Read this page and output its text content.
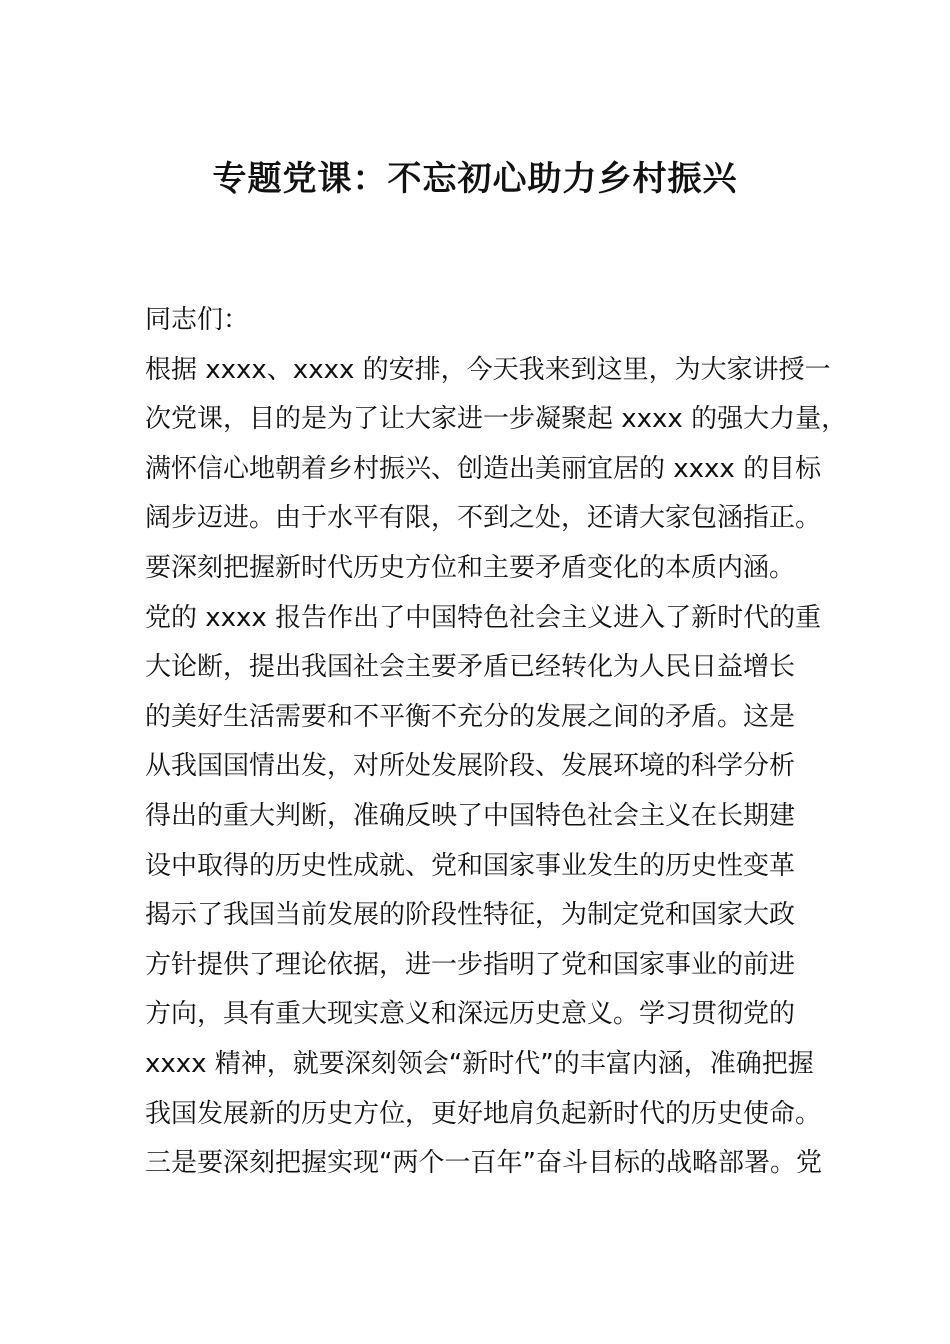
专题党课：不忘初心助力乡村振兴

同志们：

根据 xxxx、xxxx 的安排，今天我来到这里，为大家讲授一

次党课，目的是为了让大家进一步凝聚起 xxxx 的强大力量，

满怀信心地朝着乡村振兴、创造出美丽宜居的 xxxx 的目标

阔步迈进。由于水平有限，不到之处，还请大家包涵指正。

要深刻把握新时代历史方位和主要矛盾变化的本质内涵。

党的 xxxx 报告作出了中国特色社会主义进入了新时代的重

大论断，提出我国社会主要矛盾已经转化为人民日益增长

的美好生活需要和不平衡不充分的发展之间的矛盾。这是

从我国国情出发，对所处发展阶段、发展环境的科学分析

得出的重大判断，准确反映了中国特色社会主义在长期建

设中取得的历史性成就、党和国家事业发生的历史性变革

揭示了我国当前发展的阶段性特征，为制定党和国家大政

方针提供了理论依据，进一步指明了党和国家事业的前进

方向，具有重大现实意义和深远历史意义。学习贯彻党的

xxxx 精神，就要深刻领会“新时代”的丰富内涵，准确把握

我国发展新的历史方位，更好地肩负起新时代的历史使命。

三是要深刻把握实现“两个一百年”奋斗目标的战略部署。党
